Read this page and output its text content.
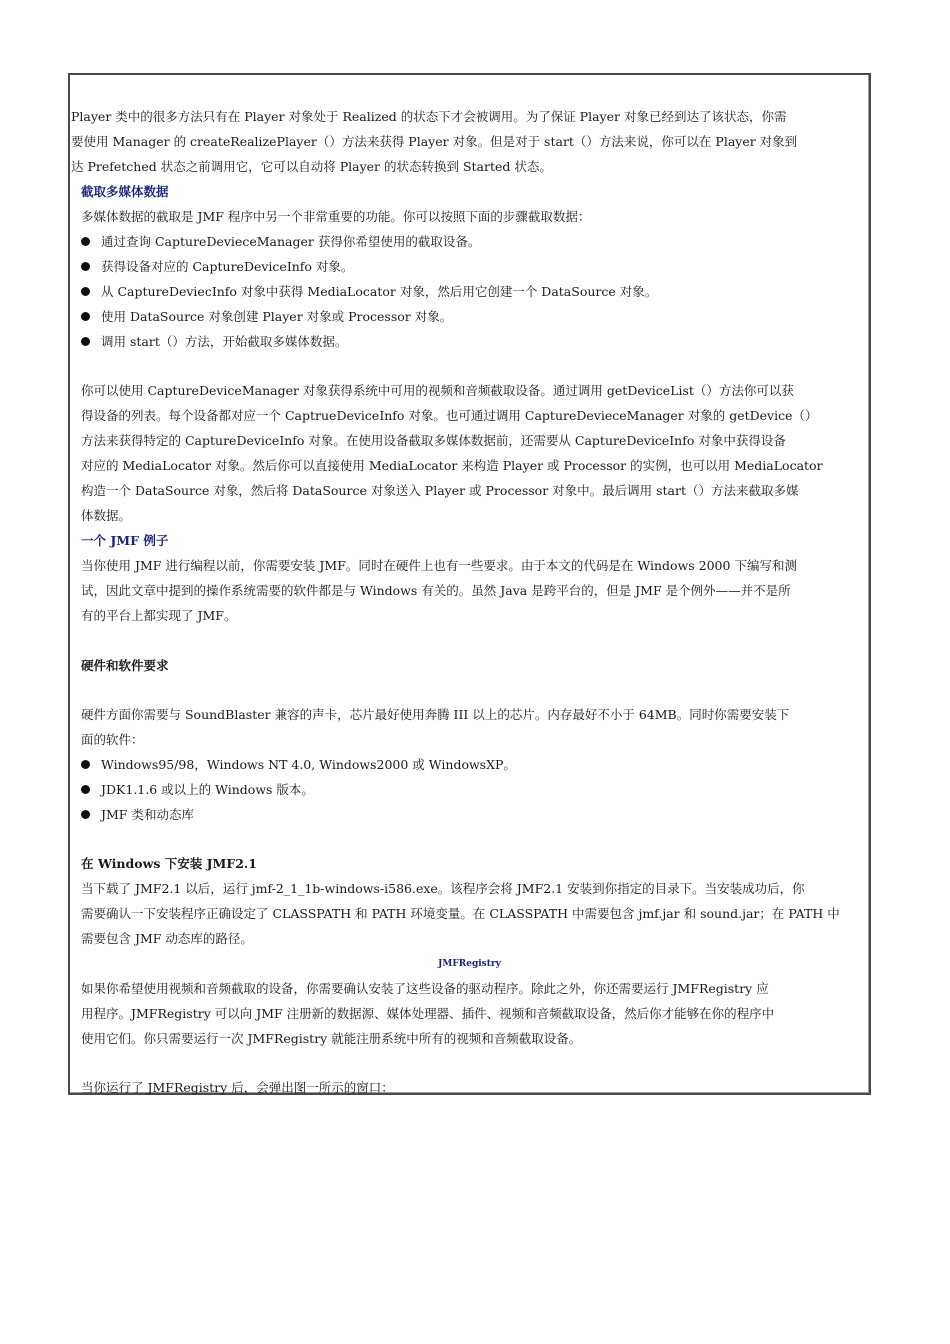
Player 类中的很多方法只有在 Player 对象处于 Realized 的状态下才会被调用。为了保证 Player 对象已经到达了该状态，你需
要使用 Manager 的 createRealizePlayer（）方法来获得 Player 对象。但是对于 start（）方法来说，你可以在 Player 对象到
达 Prefetched 状态之前调用它，它可以自动将 Player 的状态转换到 Started 状态。
截取多媒体数据
多媒体数据的截取是 JMF 程序中另一个非常重要的功能。你可以按照下面的步骤截取数据：
通过查询 CaptureDevieceManager 获得你希望使用的截取设备。
获得设备对应的 CaptureDeviceInfo 对象。
从 CaptureDeviecInfo 对象中获得 MediaLocator 对象，然后用它创建一个 DataSource 对象。
使用 DataSource 对象创建 Player 对象或 Processor 对象。
调用 start（）方法，开始截取多媒体数据。
你可以使用 CaptureDeviceManager 对象获得系统中可用的视频和音频截取设备。通过调用 getDeviceList（）方法你可以获
得设备的列表。每个设备都对应一个 CaptrueDeviceInfo 对象。也可通过调用 CaptureDevieceManager 对象的 getDevice（）
方法来获得特定的 CaptureDeviceInfo 对象。在使用设备截取多媒体数据前，还需要从 CaptureDeviceInfo 对象中获得设备
对应的 MediaLocator 对象。然后你可以直接使用 MediaLocator 来构造 Player 或 Processor 的实例，也可以用 MediaLocator
构造一个 DataSource 对象，然后将 DataSource 对象送入 Player 或 Processor 对象中。最后调用 start（）方法来截取多媒
体数据。
一个 JMF 例子
当你使用 JMF 进行编程以前，你需要安装 JMF。同时在硬件上也有一些要求。由于本文的代码是在 Windows 2000 下编写和测
试，因此文章中提到的操作系统需要的软件都是与 Windows 有关的。虽然 Java 是跨平台的，但是 JMF 是个例外——并不是所
有的平台上都实现了 JMF。
硬件和软件要求
硬件方面你需要与 SoundBlaster 兼容的声卡，芯片最好使用奔腾 III 以上的芯片。内存最好不小于 64MB。同时你需要安装下
面的软件：
Windows95/98，Windows NT 4.0, Windows2000 或 WindowsXP。
JDK1.1.6 或以上的 Windows 版本。
JMF 类和动态库
在 Windows 下安装 JMF2.1
当下载了 JMF2.1 以后，运行 jmf-2_1_1b-windows-i586.exe。该程序会将 JMF2.1 安装到你指定的目录下。当安装成功后，你
需要确认一下安装程序正确设定了 CLASSPATH 和 PATH 环境变量。在 CLASSPATH 中需要包含 jmf.jar 和 sound.jar；在 PATH 中
需要包含 JMF 动态库的路径。
JMFRegistry
如果你希望使用视频和音频截取的设备，你需要确认安装了这些设备的驱动程序。除此之外，你还需要运行 JMFRegistry 应
用程序。JMFRegistry 可以向 JMF 注册新的数据源、媒体处理器、插件、视频和音频截取设备，然后你才能够在你的程序中
使用它们。你只需要运行一次 JMFRegistry 就能注册系统中所有的视频和音频截取设备。
当你运行了 JMFRegistry 后，会弹出图一所示的窗口：
